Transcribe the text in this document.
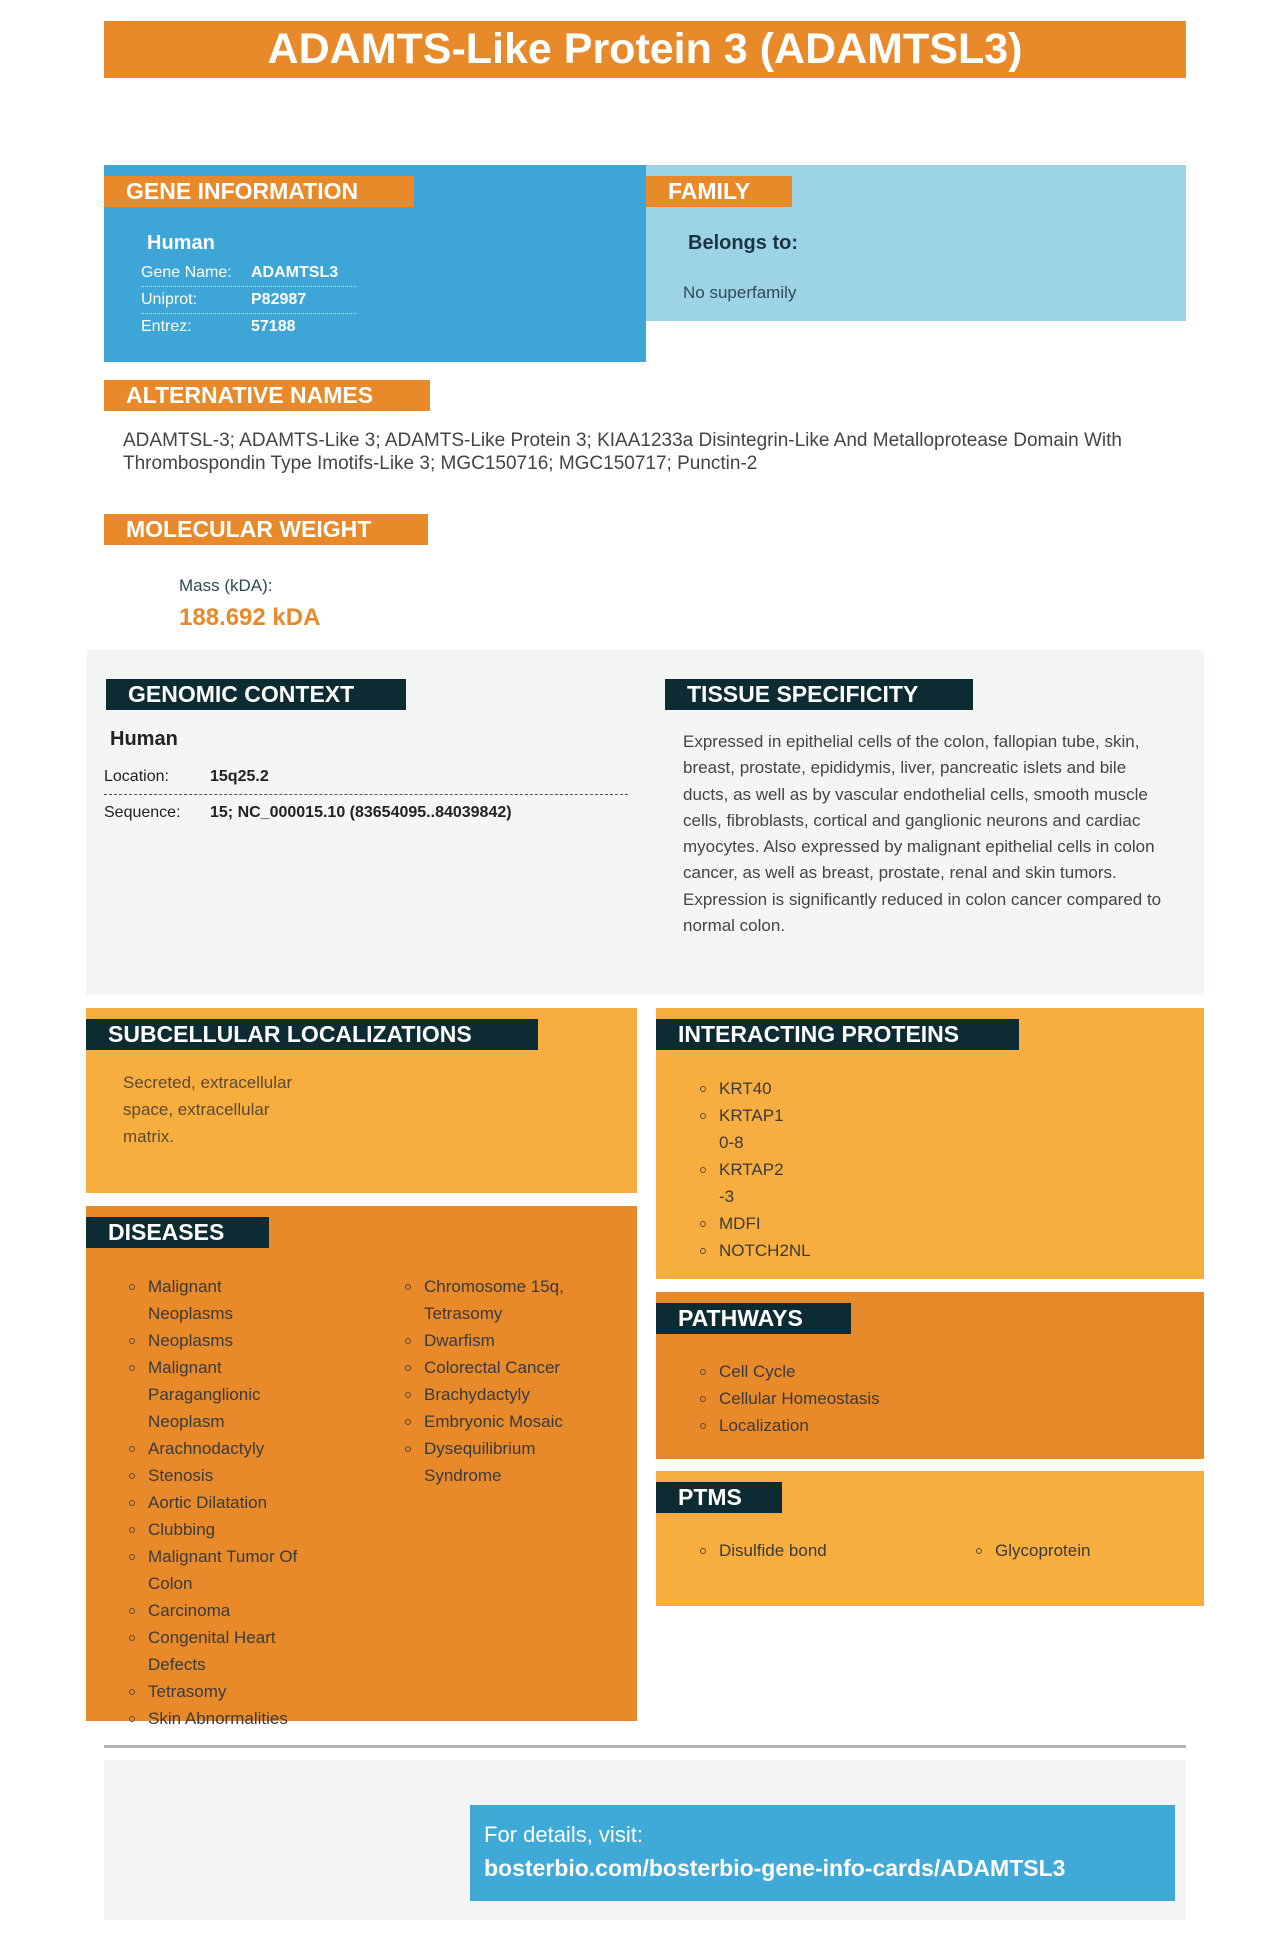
ADAMTS-Like Protein 3 (ADAMTSL3)
GENE INFORMATION
Human
Gene Name:	ADAMTSL3
Uniprot:	P82987
Entrez:	57188
FAMILY
Belongs to:
No superfamily
ALTERNATIVE NAMES
ADAMTSL-3; ADAMTS-Like 3; ADAMTS-Like Protein 3; KIAA1233a Disintegrin-Like And Metalloprotease Domain With Thrombospondin Type Imotifs-Like 3; MGC150716; MGC150717; Punctin-2
MOLECULAR WEIGHT
Mass (kDA):
188.692 kDA
GENOMIC CONTEXT
Human
Location:	15q25.2
Sequence:	15; NC_000015.10 (83654095..84039842)
TISSUE SPECIFICITY
Expressed in epithelial cells of the colon, fallopian tube, skin, breast, prostate, epididymis, liver, pancreatic islets and bile ducts, as well as by vascular endothelial cells, smooth muscle cells, fibroblasts, cortical and ganglionic neurons and cardiac myocytes. Also expressed by malignant epithelial cells in colon cancer, as well as breast, prostate, renal and skin tumors. Expression is significantly reduced in colon cancer compared to normal colon.
SUBCELLULAR LOCALIZATIONS
Secreted, extracellular space, extracellular matrix.
INTERACTING PROTEINS
KRT40
KRTAP10-8
KRTAP2-3
MDFI
NOTCH2NL
DISEASES
Malignant Neoplasms
Neoplasms
Malignant Paraganglionic Neoplasm
Arachnodactyly
Stenosis
Aortic Dilatation
Clubbing
Malignant Tumor Of Colon
Carcinoma
Congenital Heart Defects
Tetrasomy
Skin Abnormalities
Chromosome 15q, Tetrasomy
Dwarfism
Colorectal Cancer
Brachydactyly
Embryonic Mosaic
Dysequilibrium Syndrome
PATHWAYS
Cell Cycle
Cellular Homeostasis
Localization
PTMS
Disulfide bond	Glycoprotein
For details, visit:
bosterbio.com/bosterbio-gene-info-cards/ADAMTSL3
